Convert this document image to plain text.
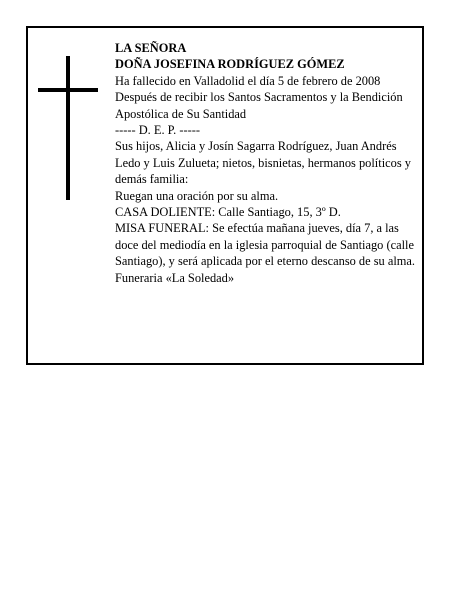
LA SEÑORA

DOÑA JOSEFINA RODRÍGUEZ GÓMEZ

Ha fallecido en Valladolid el día 5 de febrero de 2008

Después de recibir los Santos Sacramentos y la Bendición Apostólica de Su Santidad

----- D. E. P. -----

Sus hijos, Alicia y Josín Sagarra Rodríguez, Juan Andrés Ledo y Luis Zulueta; nietos, bisnietas, hermanos políticos y demás familia:

Ruegan una oración por su alma.

CASA DOLIENTE: Calle Santiago, 15, 3º D.

MISA FUNERAL: Se efectúa mañana jueves, día 7, a las doce del mediodía en la iglesia parroquial de Santiago (calle Santiago), y será aplicada por el eterno descanso de su alma.

Funeraria «La Soledad»
